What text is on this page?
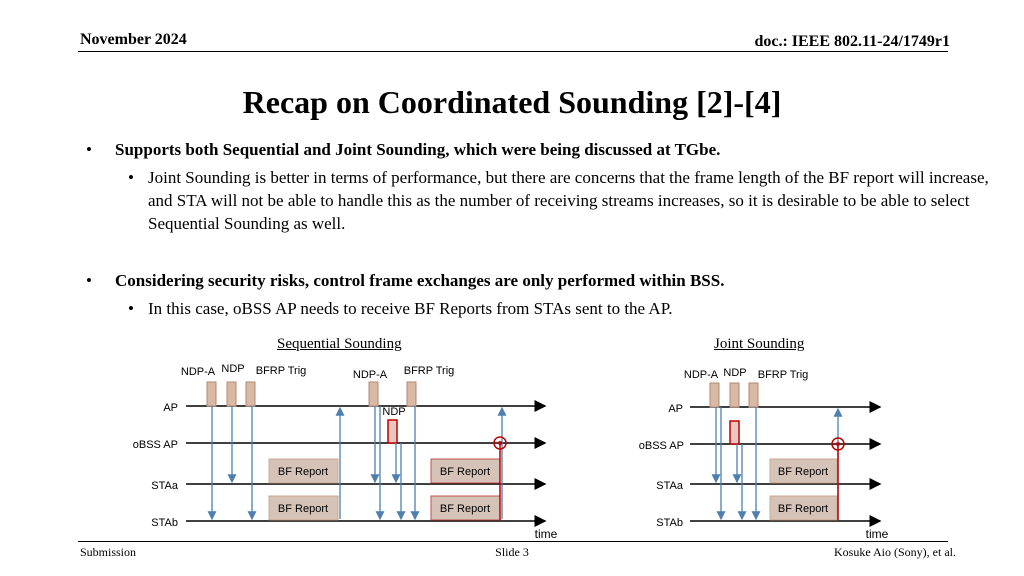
November 2024	doc.: IEEE 802.11-24/1749r1
Recap on Coordinated Sounding [2]-[4]
• Supports both Sequential and Joint Sounding, which were being discussed at TGbe.
• Joint Sounding is better in terms of performance, but there are concerns that the frame length of the BF report will increase, and STA will not be able to handle this as the number of receiving streams increases, so it is desirable to be able to select Sequential Sounding as well.
• Considering security risks, control frame exchanges are only performed within BSS.
• In this case, oBSS AP needs to receive BF Reports from STAs sent to the AP.
Sequential Sounding	Joint Sounding
AP
oBSS AP
STAa
STAb
time
NDP-A NDP BFRP Trig	NDP-A
NDP
BFRP Trig
BF Report
BF Report
BF Report
BF Report
AP
oBSS AP
STAa
STAb
time
NDP-A NDP BFRP Trig
BF Report
BF Report
Submission	Slide 3	Kosuke Aio (Sony), et al.
